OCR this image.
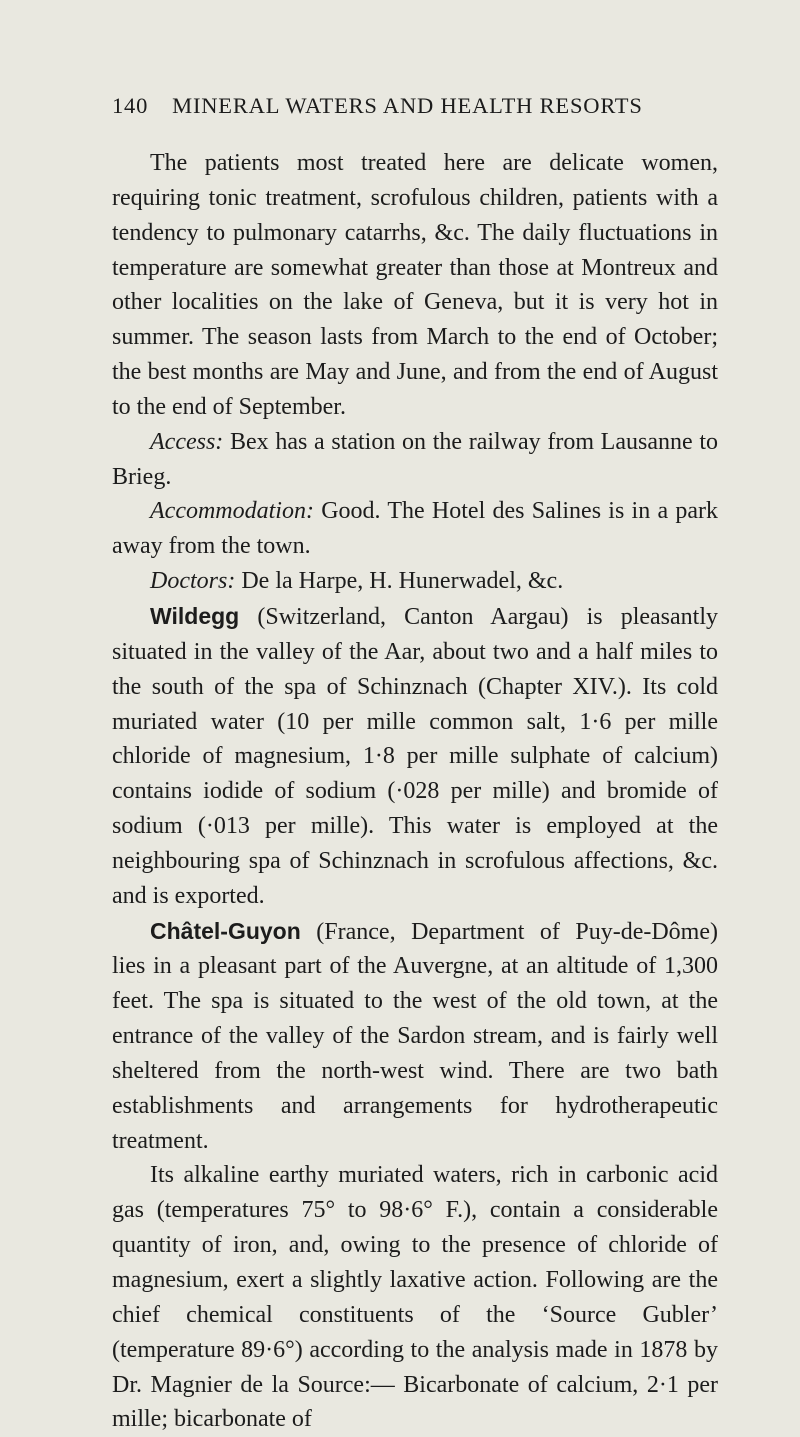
140 MINERAL WATERS AND HEALTH RESORTS

The patients most treated here are delicate women, requiring tonic treatment, scrofulous children, patients with a tendency to pulmonary catarrhs, &c. The daily fluctuations in temperature are somewhat greater than those at Montreux and other localities on the lake of Geneva, but it is very hot in summer. The season lasts from March to the end of October; the best months are May and June, and from the end of August to the end of September.

Access: Bex has a station on the railway from Lausanne to Brieg.

Accommodation: Good. The Hotel des Salines is in a park away from the town.

Doctors: De la Harpe, H. Hunerwadel, &c.

Wildegg (Switzerland, Canton Aargau) is pleasantly situated in the valley of the Aar, about two and a half miles to the south of the spa of Schinznach (Chapter XIV.). Its cold muriated water (10 per mille common salt, 1·6 per mille chloride of magnesium, 1·8 per mille sulphate of calcium) contains iodide of sodium (·028 per mille) and bromide of sodium (·013 per mille). This water is employed at the neighbouring spa of Schinznach in scrofulous affections, &c. and is exported.

Châtel-Guyon (France, Department of Puy-de-Dôme) lies in a pleasant part of the Auvergne, at an altitude of 1,300 feet. The spa is situated to the west of the old town, at the entrance of the valley of the Sardon stream, and is fairly well sheltered from the north-west wind. There are two bath establishments and arrangements for hydrotherapeutic treatment.

Its alkaline earthy muriated waters, rich in carbonic acid gas (temperatures 75° to 98·6° F.), contain a considerable quantity of iron, and, owing to the presence of chloride of magnesium, exert a slightly laxative action. Following are the chief chemical constituents of the ‘Source Gubler’ (temperature 89·6°) according to the analysis made in 1878 by Dr. Magnier de la Source:— Bicarbonate of calcium, 2·1 per mille; bicarbonate of
